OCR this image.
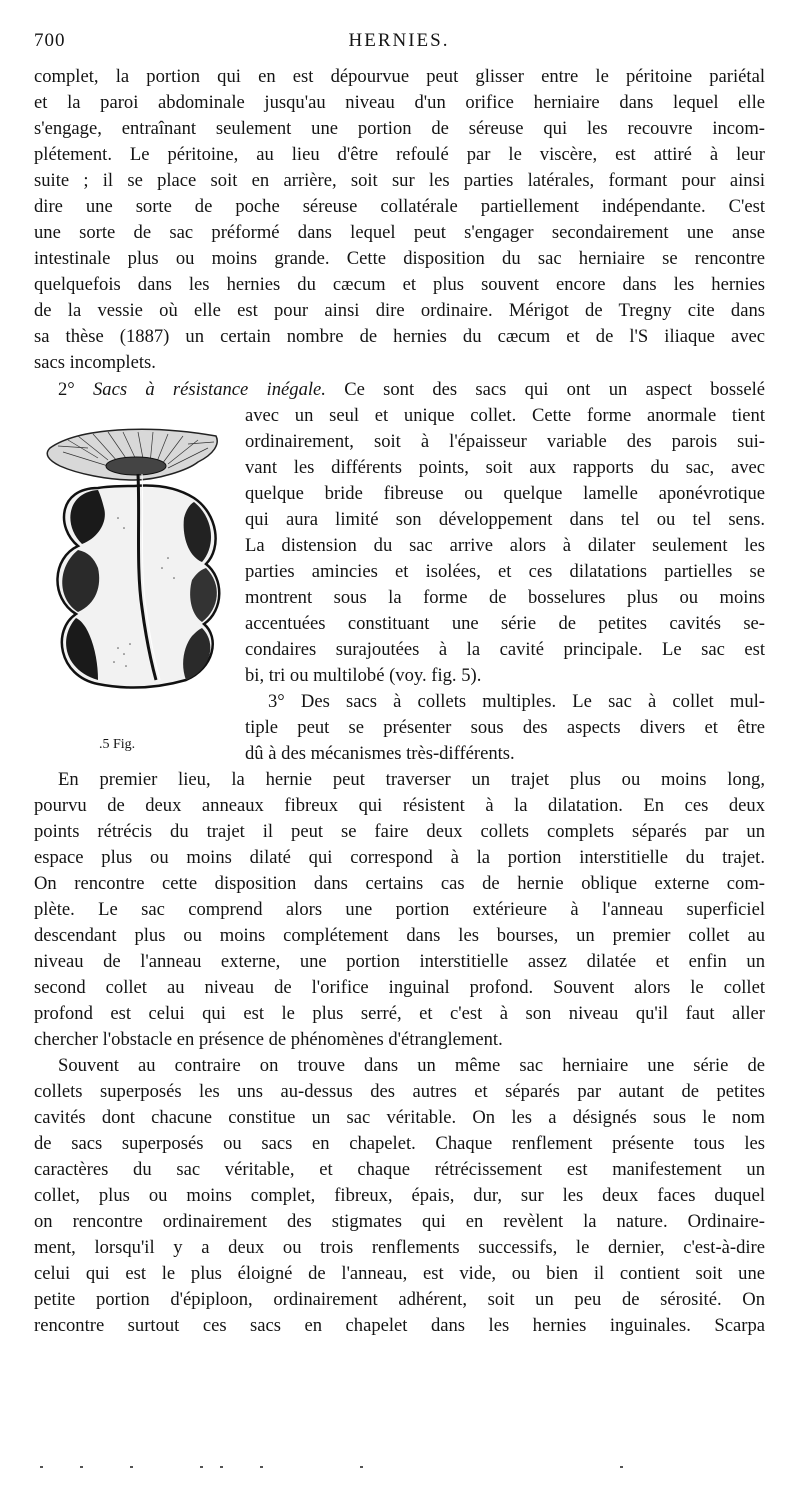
700	HERNIES.
complet, la portion qui en est dépourvue peut glisser entre le péritoine pariétal
et la paroi abdominale jusqu'au niveau d'un orifice herniaire dans lequel elle
s'engage, entraînant seulement une portion de séreuse qui les recouvre incom-
plétement. Le péritoine, au lieu d'être refoulé par le viscère, est attiré à leur
suite ; il se place soit en arrière, soit sur les parties latérales, formant pour ainsi
dire une sorte de poche séreuse collatérale partiellement indépendante. C'est
une sorte de sac préformé dans lequel peut s'engager secondairement une anse
intestinale plus ou moins grande. Cette disposition du sac herniaire se rencontre
quelquefois dans les hernies du cæcum et plus souvent encore dans les hernies
de la vessie où elle est pour ainsi dire ordinaire. Mérigot de Tregny cite dans
sa thèse (1887) un certain nombre de hernies du cæcum et de l'S iliaque avec
sacs incomplets.
2° Sacs à résistance inégale. Ce sont des sacs qui ont un aspect bosselé
avec un seul et unique collet. Cette forme anormale tient
ordinairement, soit à l'épaisseur variable des parois sui-
vant les différents points, soit aux rapports du sac, avec
quelque bride fibreuse ou quelque lamelle aponévrotique
qui aura limité son développement dans tel ou tel sens.
La distension du sac arrive alors à dilater seulement les
parties amincies et isolées, et ces dilatations partielles se
montrent sous la forme de bosselures plus ou moins
accentuées constituant une série de petites cavités se-
condaires surajoutées à la cavité principale. Le sac est
bi, tri ou multilobé (voy. fig. 5).
3° Des sacs à collets multiples. Le sac à collet mul-
tiple peut se présenter sous des aspects divers et être
dû à des mécanismes très-différents.
.5 Fig.
En premier lieu, la hernie peut traverser un trajet plus ou moins long,
pourvu de deux anneaux fibreux qui résistent à la dilatation. En ces deux
points rétrécis du trajet il peut se faire deux collets complets séparés par un
espace plus ou moins dilaté qui correspond à la portion interstitielle du trajet.
On rencontre cette disposition dans certains cas de hernie oblique externe com-
plète. Le sac comprend alors une portion extérieure à l'anneau superficiel
descendant plus ou moins complétement dans les bourses, un premier collet au
niveau de l'anneau externe, une portion interstitielle assez dilatée et enfin un
second collet au niveau de l'orifice inguinal profond. Souvent alors le collet
profond est celui qui est le plus serré, et c'est à son niveau qu'il faut aller
chercher l'obstacle en présence de phénomènes d'étranglement.
Souvent au contraire on trouve dans un même sac herniaire une série de
collets superposés les uns au-dessus des autres et séparés par autant de petites
cavités dont chacune constitue un sac véritable. On les a désignés sous le nom
de sacs superposés ou sacs en chapelet. Chaque renflement présente tous les
caractères du sac véritable, et chaque rétrécissement est manifestement un
collet, plus ou moins complet, fibreux, épais, dur, sur les deux faces duquel
on rencontre ordinairement des stigmates qui en revèlent la nature. Ordinaire-
ment, lorsqu'il y a deux ou trois renflements successifs, le dernier, c'est-à-dire
celui qui est le plus éloigné de l'anneau, est vide, ou bien il contient soit une
petite portion d'épiploon, ordinairement adhérent, soit un peu de sérosité. On
rencontre surtout ces sacs en chapelet dans les hernies inguinales. Scarpa
